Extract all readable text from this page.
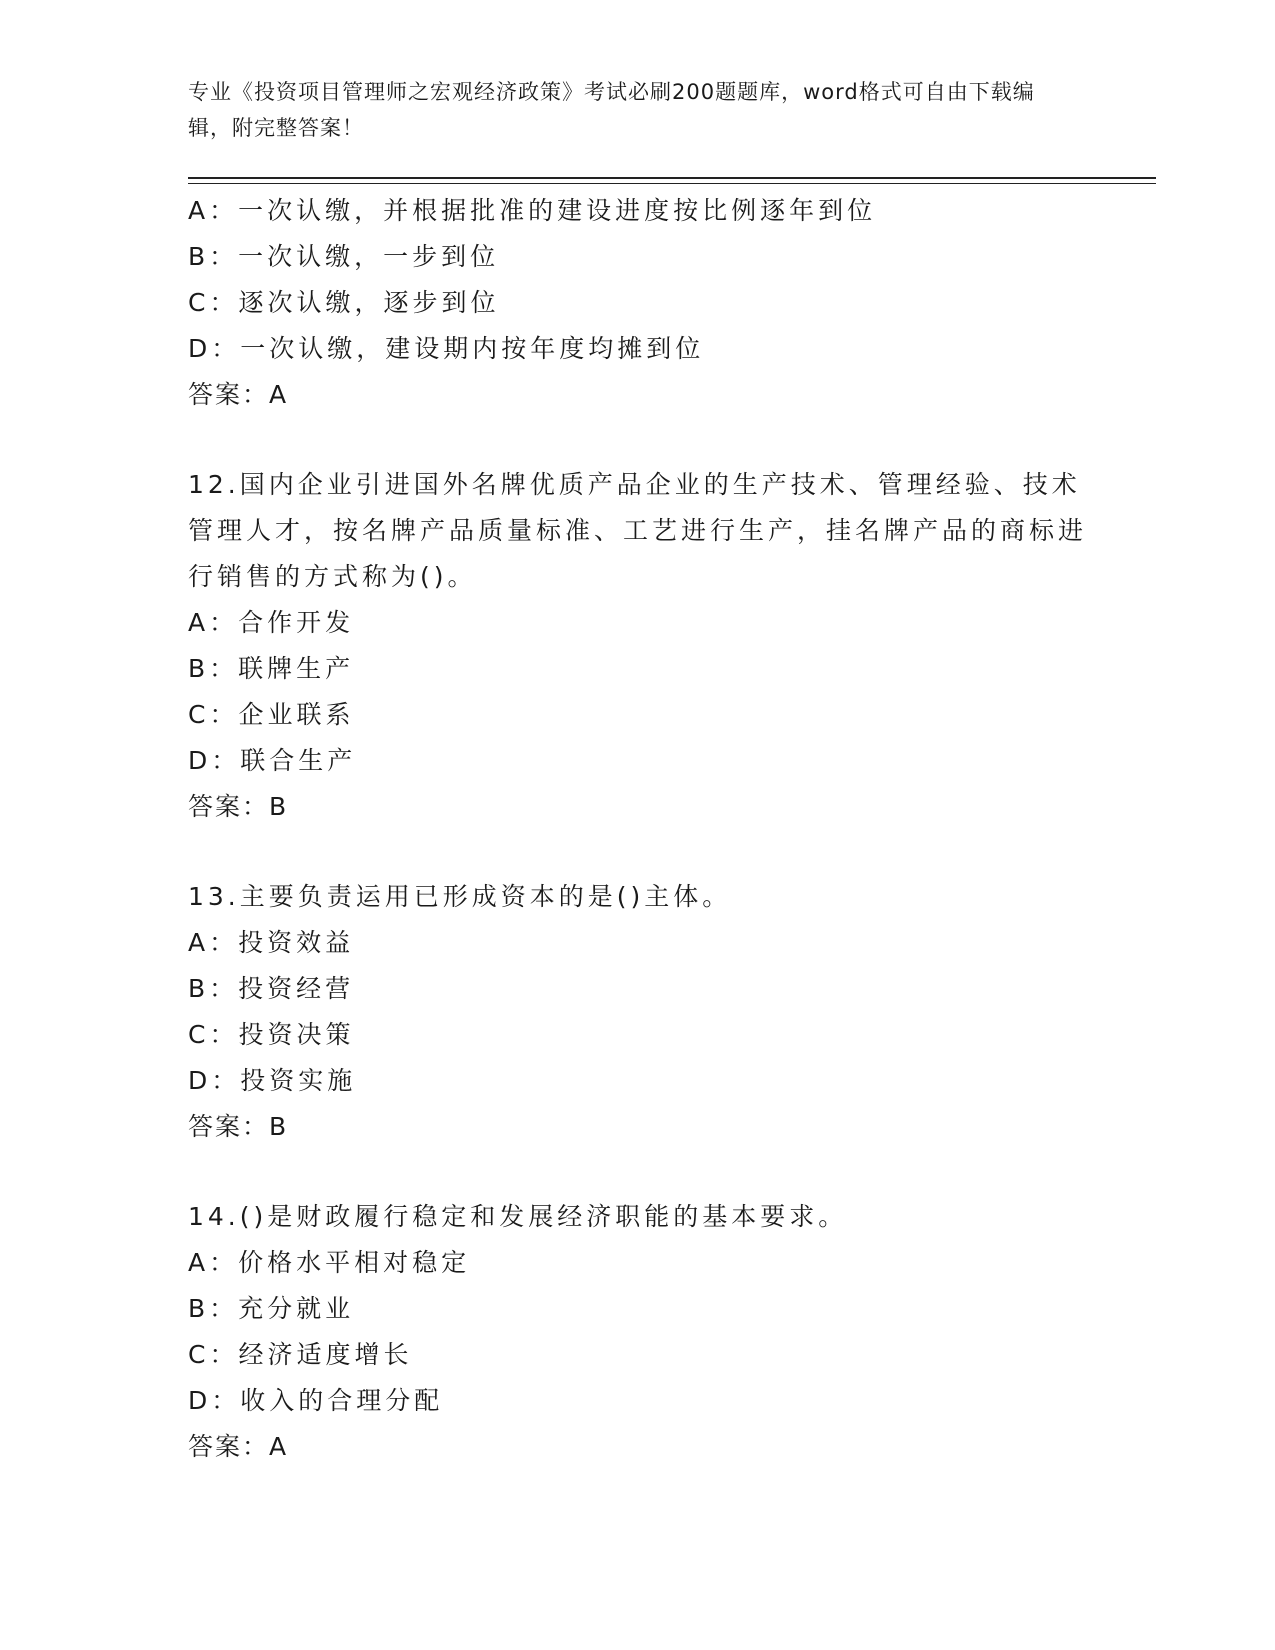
专业《投资项目管理师之宏观经济政策》考试必刷200题题库，word格式可自由下载编辑，附完整答案！
A：一次认缴，并根据批准的建设进度按比例逐年到位
B：一次认缴，一步到位
C：逐次认缴，逐步到位
D：一次认缴，建设期内按年度均摊到位
答案：A
12.国内企业引进国外名牌优质产品企业的生产技术、管理经验、技术管理人才，按名牌产品质量标准、工艺进行生产，挂名牌产品的商标进行销售的方式称为()。
A：合作开发
B：联牌生产
C：企业联系
D：联合生产
答案：B
13.主要负责运用已形成资本的是()主体。
A：投资效益
B：投资经营
C：投资决策
D：投资实施
答案：B
14.()是财政履行稳定和发展经济职能的基本要求。
A：价格水平相对稳定
B：充分就业
C：经济适度增长
D：收入的合理分配
答案：A
